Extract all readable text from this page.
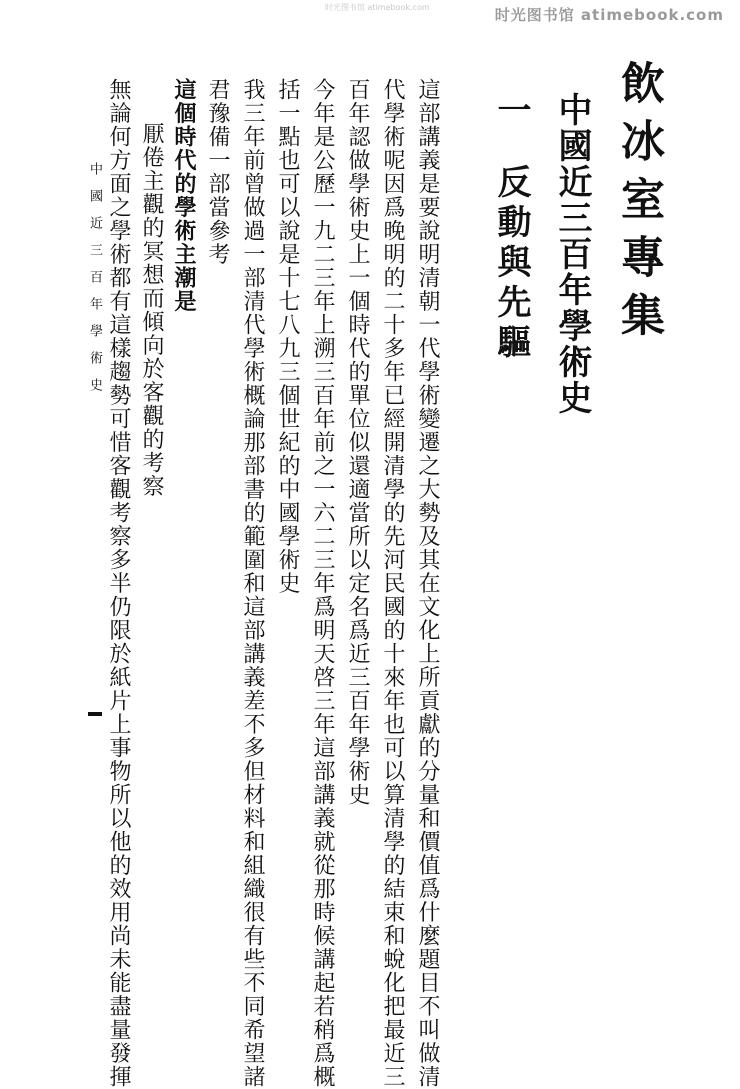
时光图书馆 atimebook.com
时光图书馆 atimebook.com
飲冰室專集
中國近三百年學術史
一反動與先驅
這部講義是要說明清朝一代學術變遷之大勢及其在文化上所貢獻的分量和價值爲什麼題目不叫做清
代學術呢因爲晚明的二十多年已經開清學的先河民國的十來年也可以算清學的結束和蛻化把最近三
百年認做學術史上一個時代的單位似還適當所以定名爲近三百年學術史
今年是公歷一九二三年上溯三百年前之一六二三年爲明天啓三年這部講義就從那時候講起若稍爲概
括一點也可以說是十七八九三個世紀的中國學術史
我三年前曾做過一部清代學術概論那部書的範圍和這部講義差不多但材料和組織很有些不同希望諸
君豫備一部當參考
這個時代的學術主潮是
厭倦主觀的冥想而傾向於客觀的考察
無論何方面之學術都有這樣趨勢可惜客觀考察多半仍限於紙片上事物所以他的效用尚未能盡量發揮
中國近三百年學術史
